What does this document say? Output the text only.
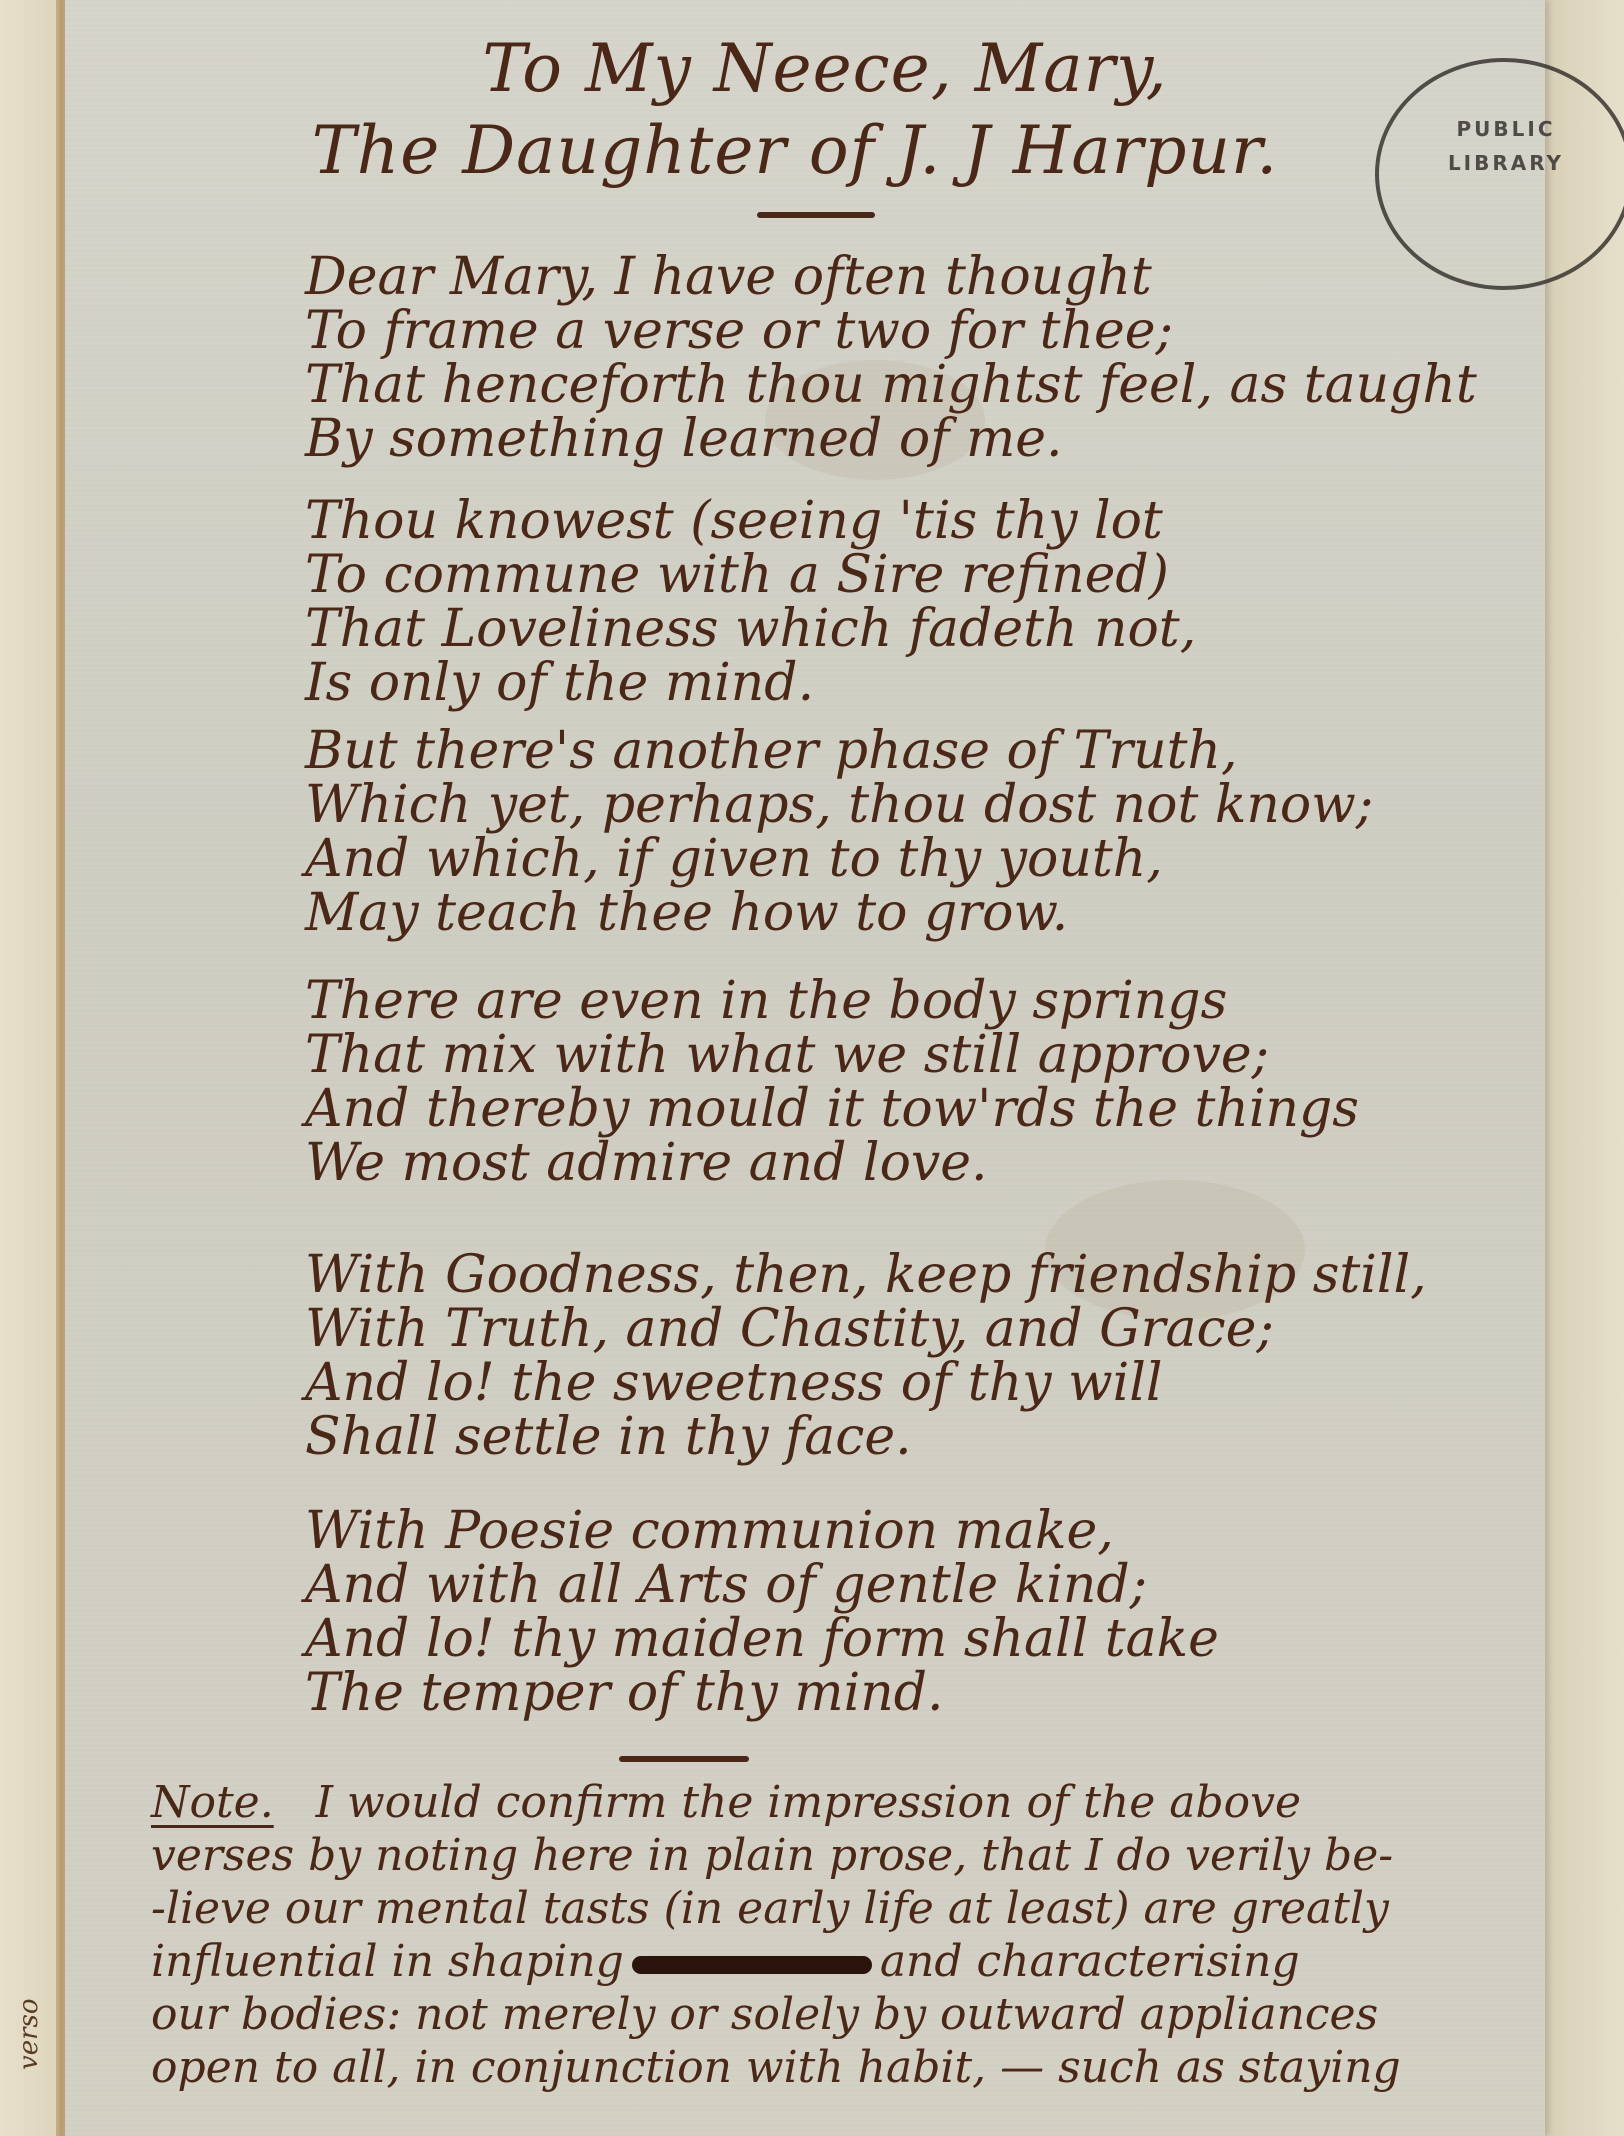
To My Neece, Mary,
The Daughter of J. J Harpur.	PUBLIC
LIBRARY
Dear Mary, I have often thought
To frame a verse or two for thee;
That henceforth thou mightst feel, as taught
By something learned of me.
Thou knowest (seeing 'tis thy lot
To commune with a Sire refined)
That Loveliness which fadeth not,
Is only of the mind.
But there's another phase of Truth,
Which yet, perhaps, thou dost not know;
And which, if given to thy youth,
May teach thee how to grow.
There are even in the body springs
That mix with what we still approve;
And thereby mould it tow'rds the things
We most admire and love.
With Goodness, then, keep friendship still,
With Truth, and Chastity, and Grace;
And lo! the sweetness of thy will
Shall settle in thy face.
With Poesie communion make,
And with all Arts of gentle kind;
And lo! thy maiden form shall take
The temper of thy mind.
Note. I would confirm the impression of the above
verses by noting here in plain prose, that I do verily be-
-lieve our mental tasts (in early life at least) are greatly
influential in shaping	and characterising
our bodies: not merely or solely by outward appliances
open to all, in conjunction with habit, — such as staying
verso
